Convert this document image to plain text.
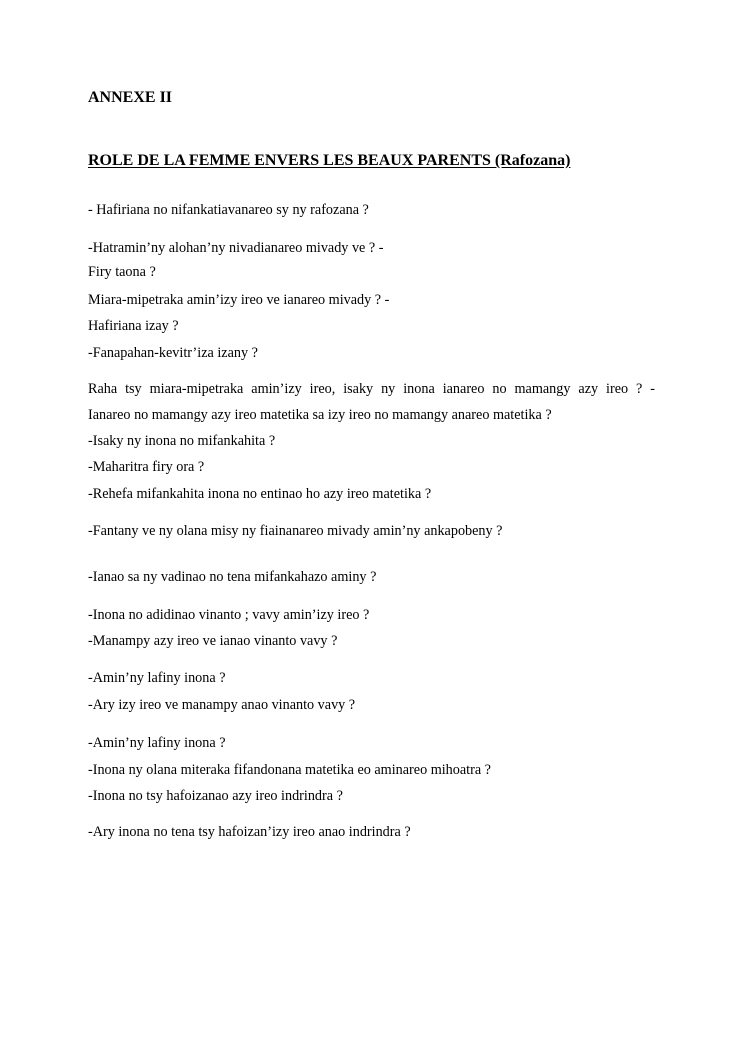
ANNEXE II
ROLE DE LA FEMME ENVERS LES BEAUX PARENTS (Rafozana)
- Hafiriana no nifankatiavanareo sy ny rafozana ?
-Hatramin’ny alohan’ny nivadianareo mivady ve ? -
Firy taona ?
Miara-mipetraka amin’izy ireo ve ianareo mivady ? -
Hafiriana izay ?
-Fanapahan-kevitr’iza izany ?
Raha tsy miara-mipetraka amin’izy ireo, isaky ny inona ianareo no mamangy azy ireo ? -
Ianareo no mamangy azy ireo matetika sa izy ireo no mamangy anareo matetika ?
-Isaky ny inona no mifankahita ?
-Maharitra firy ora ?
-Rehefa mifankahita inona no entinao ho azy ireo matetika ?
-Fantany ve ny olana misy ny fiainanareo mivady amin’ny ankapobeny ?
-Ianao sa ny vadinao no tena mifankahazo aminy ?
-Inona no adidinao vinanto ; vavy amin’izy ireo ?
-Manampy azy ireo ve ianao vinanto vavy ?
-Amin’ny lafiny inona ?
-Ary izy ireo ve manampy anao vinanto vavy ?
-Amin’ny lafiny inona ?
-Inona ny olana miteraka fifandonana matetika eo aminareo mihoatra ?
-Inona no tsy hafoizanao azy ireo indrindra ?
-Ary inona no tena tsy hafoizan’izy ireo anao indrindra ?
